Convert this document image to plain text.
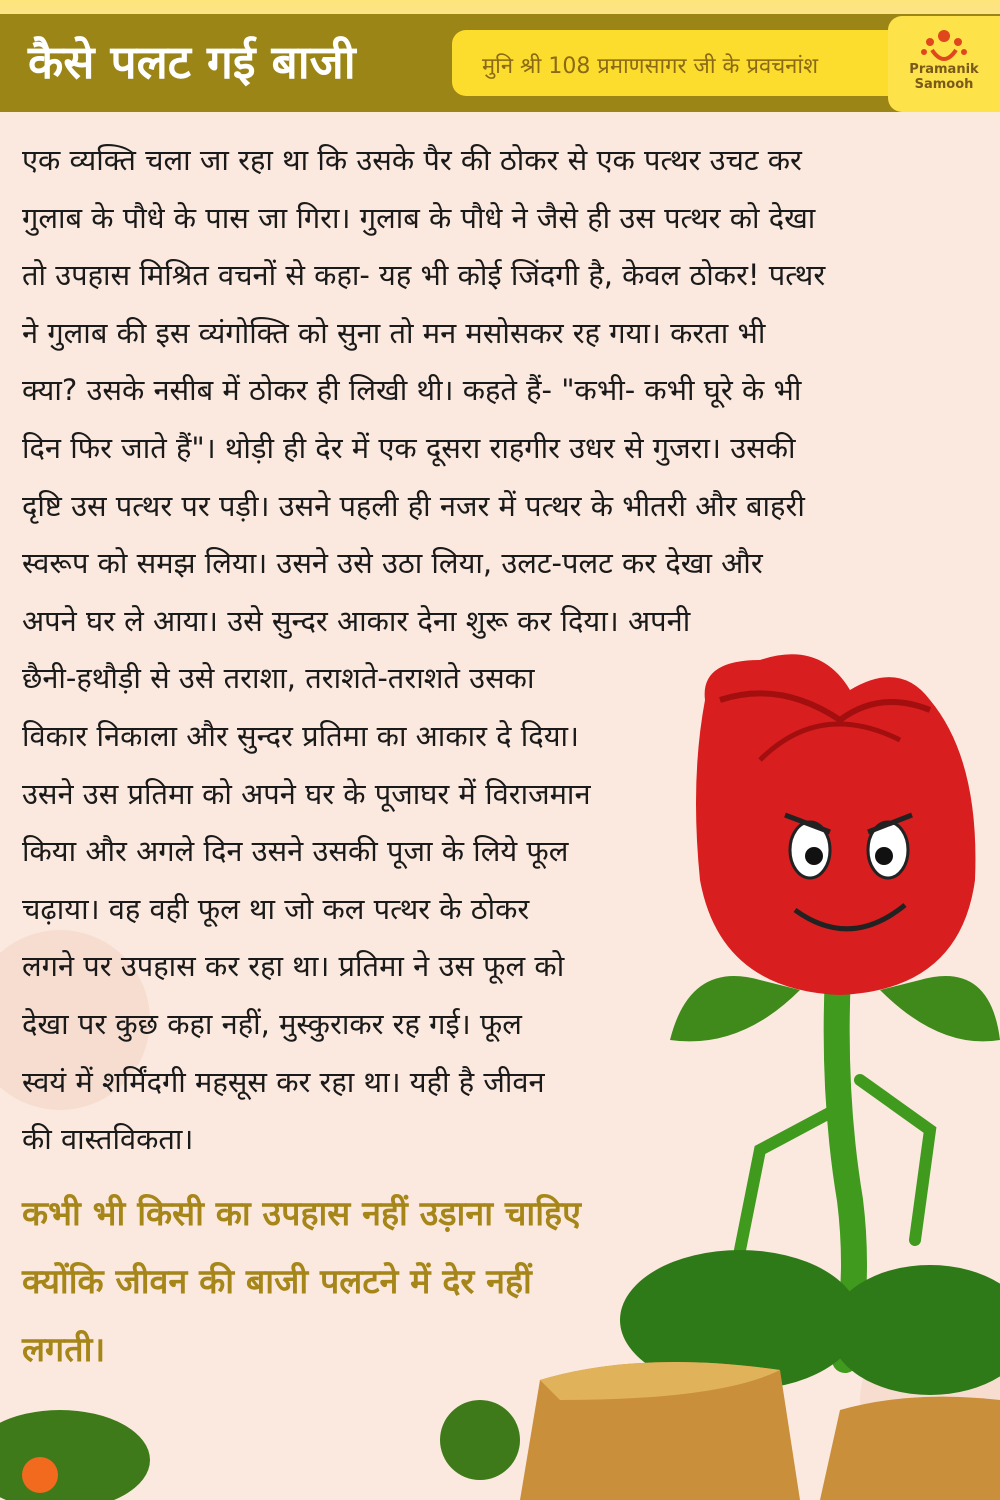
कैसे पलट गई बाजी	मुनि श्री 108 प्रमाणसागर जी के प्रवचनांश	Pramanik
Samooh
एक व्यक्ति चला जा रहा था कि उसके पैर की ठोकर से एक पत्थर उचट कर
गुलाब के पौधे के पास जा गिरा। गुलाब के पौधे ने जैसे ही उस पत्थर को देखा
तो उपहास मिश्रित वचनों से कहा- यह भी कोई जिंदगी है, केवल ठोकर! पत्थर
ने गुलाब की इस व्यंगोक्ति को सुना तो मन मसोसकर रह गया। करता भी
क्या? उसके नसीब में ठोकर ही लिखी थी। कहते हैं- "कभी- कभी घूरे के भी
दिन फिर जाते हैं"। थोड़ी ही देर में एक दूसरा राहगीर उधर से गुजरा। उसकी
दृष्टि उस पत्थर पर पड़ी। उसने पहली ही नजर में पत्थर के भीतरी और बाहरी
स्वरूप को समझ लिया। उसने उसे उठा लिया, उलट-पलट कर देखा और
अपने घर ले आया। उसे सुन्दर आकार देना शुरू कर दिया। अपनी
छैनी-हथौड़ी से उसे तराशा, तराशते-तराशते उसका
विकार निकाला और सुन्दर प्रतिमा का आकार दे दिया।
उसने उस प्रतिमा को अपने घर के पूजाघर में विराजमान
किया और अगले दिन उसने उसकी पूजा के लिये फूल
चढ़ाया। वह वही फूल था जो कल पत्थर के ठोकर
लगने पर उपहास कर रहा था। प्रतिमा ने उस फूल को
देखा पर कुछ कहा नहीं, मुस्कुराकर रह गई। फूल
स्वयं में शर्मिंदगी महसूस कर रहा था। यही है जीवन
की वास्तविकता।
कभी भी किसी का उपहास नहीं उड़ाना चाहिए
क्योंकि जीवन की बाजी पलटने में देर नहीं
लगती।
